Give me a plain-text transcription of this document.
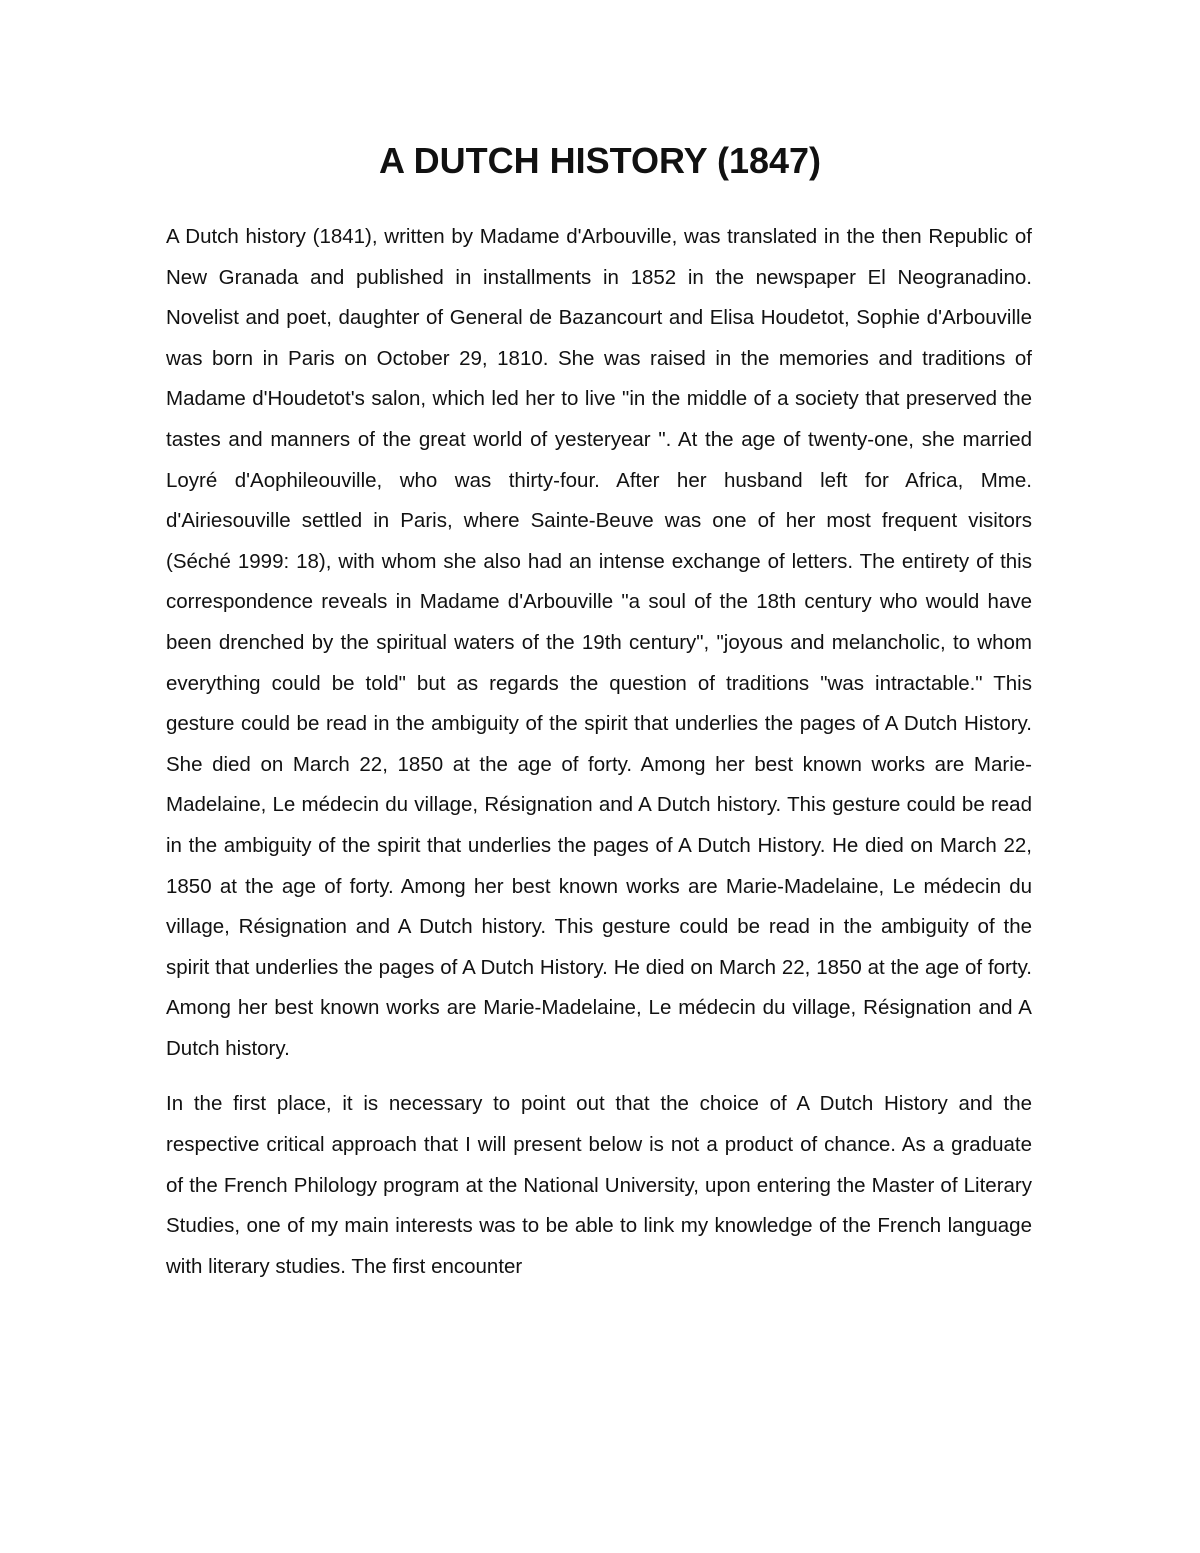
A DUTCH HISTORY (1847)

A Dutch history (1841), written by Madame d'Arbouville, was translated in the then Republic of New Granada and published in installments in 1852 in the newspaper El Neogranadino. Novelist and poet, daughter of General de Bazancourt and Elisa Houdetot, Sophie d'Arbouville was born in Paris on October 29, 1810. She was raised in the memories and traditions of Madame d'Houdetot's salon, which led her to live "in the middle of a society that preserved the tastes and manners of the great world of yesteryear ". At the age of twenty-one, she married Loyré d'Aophileouville, who was thirty-four. After her husband left for Africa, Mme. d'Airiesouville settled in Paris, where Sainte-Beuve was one of her most frequent visitors (Séché 1999: 18), with whom she also had an intense exchange of letters. The entirety of this correspondence reveals in Madame d'Arbouville "a soul of the 18th century who would have been drenched by the spiritual waters of the 19th century", "joyous and melancholic, to whom everything could be told" but as regards the question of traditions "was intractable." This gesture could be read in the ambiguity of the spirit that underlies the pages of A Dutch History. She died on March 22, 1850 at the age of forty. Among her best known works are Marie-Madelaine, Le médecin du village, Résignation and A Dutch history. This gesture could be read in the ambiguity of the spirit that underlies the pages of A Dutch History. He died on March 22, 1850 at the age of forty. Among her best known works are Marie-Madelaine, Le médecin du village, Résignation and A Dutch history. This gesture could be read in the ambiguity of the spirit that underlies the pages of A Dutch History. He died on March 22, 1850 at the age of forty. Among her best known works are Marie-Madelaine, Le médecin du village, Résignation and A Dutch history.

In the first place, it is necessary to point out that the choice of A Dutch History and the respective critical approach that I will present below is not a product of chance. As a graduate of the French Philology program at the National University, upon entering the Master of Literary Studies, one of my main interests was to be able to link my knowledge of the French language with literary studies. The first encounter
